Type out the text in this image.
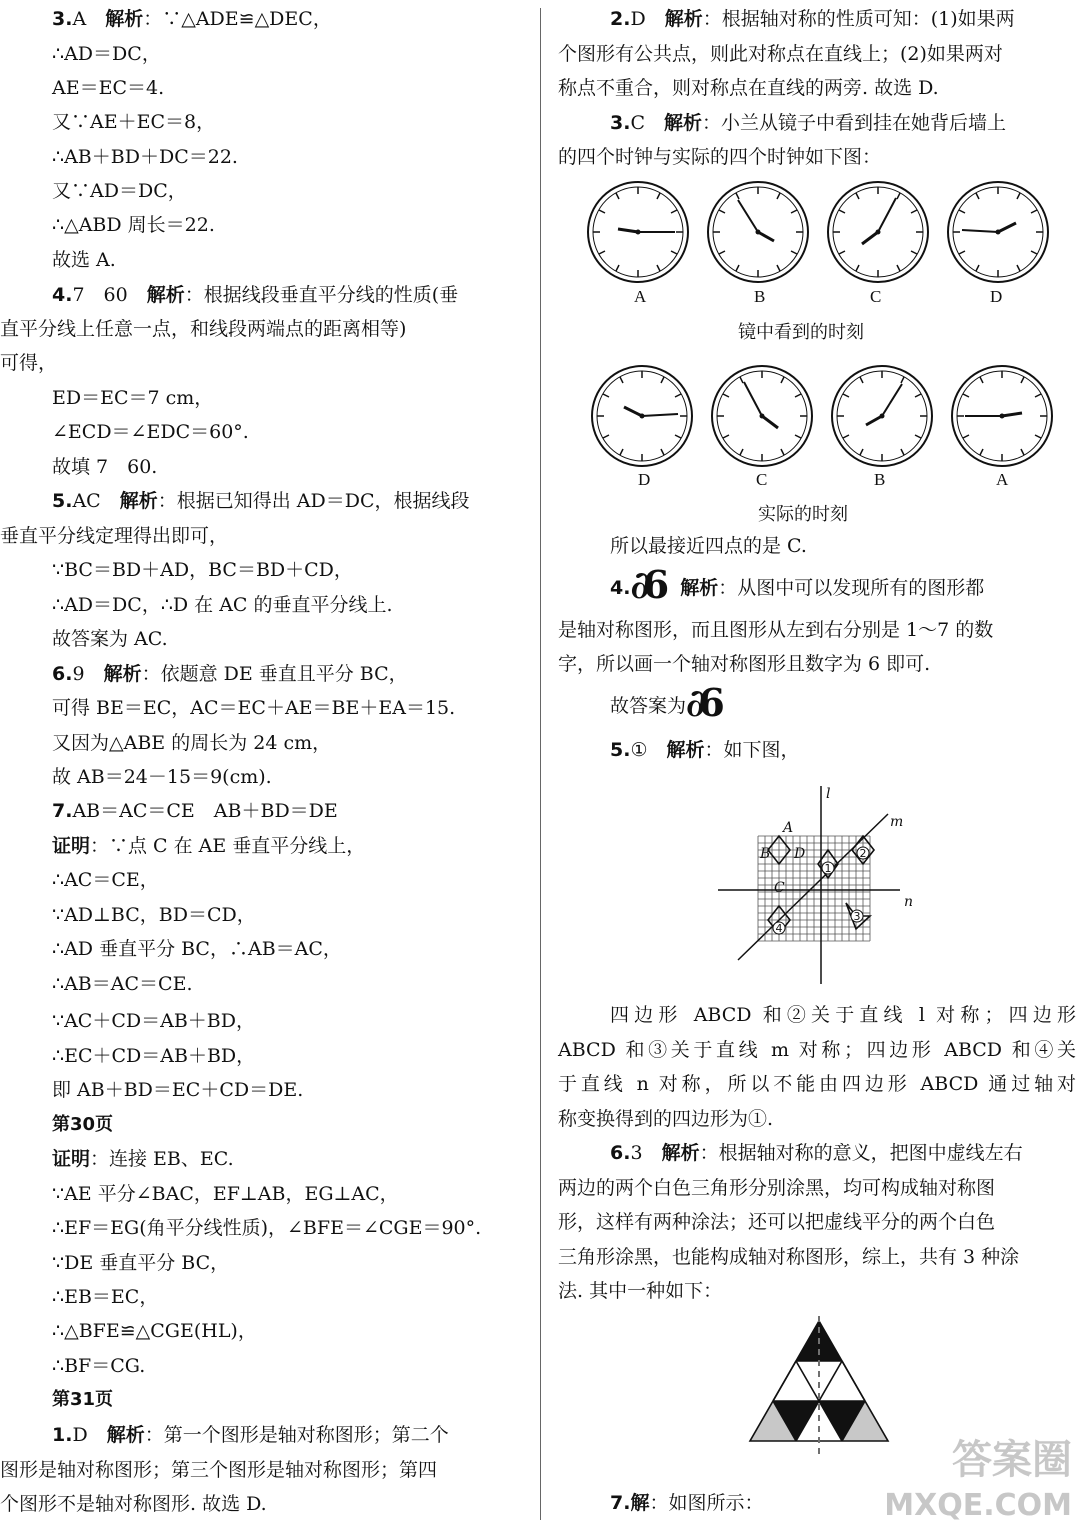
3.A　 解析：∵△ADE≌△DEC，
∴AD＝DC，
AE＝EC＝4.
又∵AE＋EC＝8，
∴AB＋BD＋DC＝22.
又∵AD＝DC，
∴△ABD 周长＝22.
故选 A.
4.7　60　 解析：根据线段垂直平分线的性质(垂
直平分线上任意一点，和线段两端点的距离相等)
可得，
ED＝EC＝7 cm，
∠ECD＝∠EDC＝60°.
故填 7　60.
5.AC　 解析：根据已知得出 AD＝DC，根据线段
垂直平分线定理得出即可，
∵BC＝BD＋AD，BC＝BD＋CD，
∴AD＝DC，∴D 在 AC 的垂直平分线上.
故答案为 AC.
6.9　 解析：依题意 DE 垂直且平分 BC，
可得 BE＝EC，AC＝EC＋AE＝BE＋EA＝15.
又因为△ABE 的周长为 24 cm，
故 AB＝24－15＝9(cm).
7.AB＝AC＝CE　AB＋BD＝DE
证明：∵点 C 在 AE 垂直平分线上，
∴AC＝CE，
∵AD⊥BC，BD＝CD，
∴AD 垂直平分 BC，∴AB＝AC，
∴AB＝AC＝CE.
∵AC＋CD＝AB＋BD，
∴EC＋CD＝AB＋BD，
即 AB＋BD＝EC＋CD＝DE.
第30页
证明：连接 EB、EC.
∵AE 平分∠BAC，EF⊥AB，EG⊥AC，
∴EF＝EG(角平分线性质)，∠BFE＝∠CGE＝90°.
∵DE 垂直平分 BC，
∴EB＝EC，
∴△BFE≌△CGE(HL)，
∴BF＝CG.
第31页
1.D　 解析：第一个图形是轴对称图形；第二个
图形是轴对称图形；第三个图形是轴对称图形；第四
个图形不是轴对称图形. 故选 D.
2.D　 解析：根据轴对称的性质可知：(1)如果两
个图形有公共点，则此对称点在直线上；(2)如果两对
称点不重合，则对称点在直线的两旁. 故选 D.
3.C　 解析：小兰从镜子中看到挂在她背后墙上
的四个时钟与实际的四个时钟如下图：
A	B	C	D
镜中看到的时刻
D	C	B	A
实际的时刻
所以最接近四点的是 C.
4.∂6　 解析：从图中可以发现所有的图形都
是轴对称图形，而且图形从左到右分别是 1～7 的数
字，所以画一个轴对称图形且数字为 6 即可.
故答案为∂6.
5.①　 解析：如下图，
l
m
n
A
B D
C
1
2
3
4
四边形 ABCD 和②关于直线 l 对称；四边形
ABCD 和③关于直线 m 对称；四边形 ABCD 和④关
于直线 n 对称，所以不能由四边形 ABCD 通过轴对
称变换得到的四边形为①.
6.3　 解析：根据轴对称的意义，把图中虚线左右
两边的两个白色三角形分别涂黑，均可构成轴对称图
形，这样有两种涂法；还可以把虚线平分的两个白色
三角形涂黑，也能构成轴对称图形，综上，共有 3 种涂
法. 其中一种如下：
7.解：如图所示：
答案圈
MXQE.COM
